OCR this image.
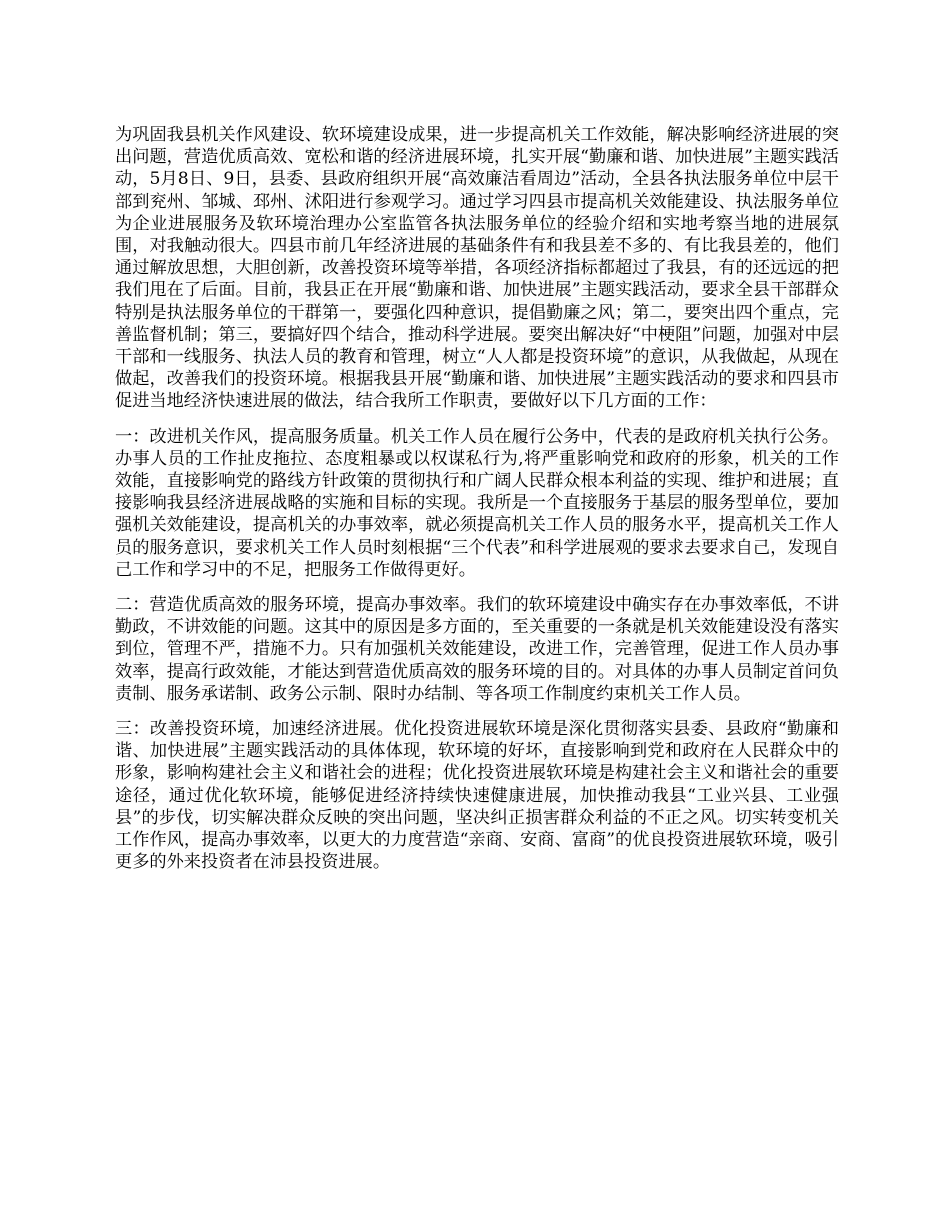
为巩固我县机关作风建设、软环境建设成果，进一步提高机关工作效能，解决影响经济进展的突出问题，营造优质高效、宽松和谐的经济进展环境，扎实开展“勤廉和谐、加快进展”主题实践活动，5月8日、9日，县委、县政府组织开展“高效廉洁看周边”活动，全县各执法服务单位中层干部到兖州、邹城、邳州、沭阳进行参观学习。通过学习四县市提高机关效能建设、执法服务单位为企业进展服务及软环境治理办公室监管各执法服务单位的经验介绍和实地考察当地的进展氛围，对我触动很大。四县市前几年经济进展的基础条件有和我县差不多的、有比我县差的，他们通过解放思想，大胆创新，改善投资环境等举措，各项经济指标都超过了我县，有的还远远的把我们甩在了后面。目前，我县正在开展“勤廉和谐、加快进展”主题实践活动，要求全县干部群众特别是执法服务单位的干群第一，要强化四种意识，提倡勤廉之风；第二，要突出四个重点，完善监督机制；第三，要搞好四个结合，推动科学进展。要突出解决好“中梗阻”问题，加强对中层干部和一线服务、执法人员的教育和管理，树立“人人都是投资环境”的意识，从我做起，从现在做起，改善我们的投资环境。根据我县开展“勤廉和谐、加快进展”主题实践活动的要求和四县市促进当地经济快速进展的做法，结合我所工作职责，要做好以下几方面的工作：

一：改进机关作风，提高服务质量。机关工作人员在履行公务中，代表的是政府机关执行公务。办事人员的工作扯皮拖拉、态度粗暴或以权谋私行为,将严重影响党和政府的形象，机关的工作效能，直接影响党的路线方针政策的贯彻执行和广阔人民群众根本利益的实现、维护和进展；直接影响我县经济进展战略的实施和目标的实现。我所是一个直接服务于基层的服务型单位，要加强机关效能建设，提高机关的办事效率，就必须提高机关工作人员的服务水平，提高机关工作人员的服务意识，要求机关工作人员时刻根据“三个代表”和科学进展观的要求去要求自己，发现自己工作和学习中的不足，把服务工作做得更好。

二：营造优质高效的服务环境，提高办事效率。我们的软环境建设中确实存在办事效率低，不讲勤政，不讲效能的问题。这其中的原因是多方面的，至关重要的一条就是机关效能建设没有落实到位，管理不严，措施不力。只有加强机关效能建设，改进工作，完善管理，促进工作人员办事效率，提高行政效能，才能达到营造优质高效的服务环境的目的。对具体的办事人员制定首问负责制、服务承诺制、政务公示制、限时办结制、等各项工作制度约束机关工作人员。

三：改善投资环境，加速经济进展。优化投资进展软环境是深化贯彻落实县委、县政府“勤廉和谐、加快进展”主题实践活动的具体体现，软环境的好坏，直接影响到党和政府在人民群众中的形象，影响构建社会主义和谐社会的进程；优化投资进展软环境是构建社会主义和谐社会的重要途径，通过优化软环境，能够促进经济持续快速健康进展，加快推动我县“工业兴县、工业强县”的步伐，切实解决群众反映的突出问题，坚决纠正损害群众利益的不正之风。切实转变机关工作作风，提高办事效率，以更大的力度营造“亲商、安商、富商”的优良投资进展软环境，吸引更多的外来投资者在沛县投资进展。
